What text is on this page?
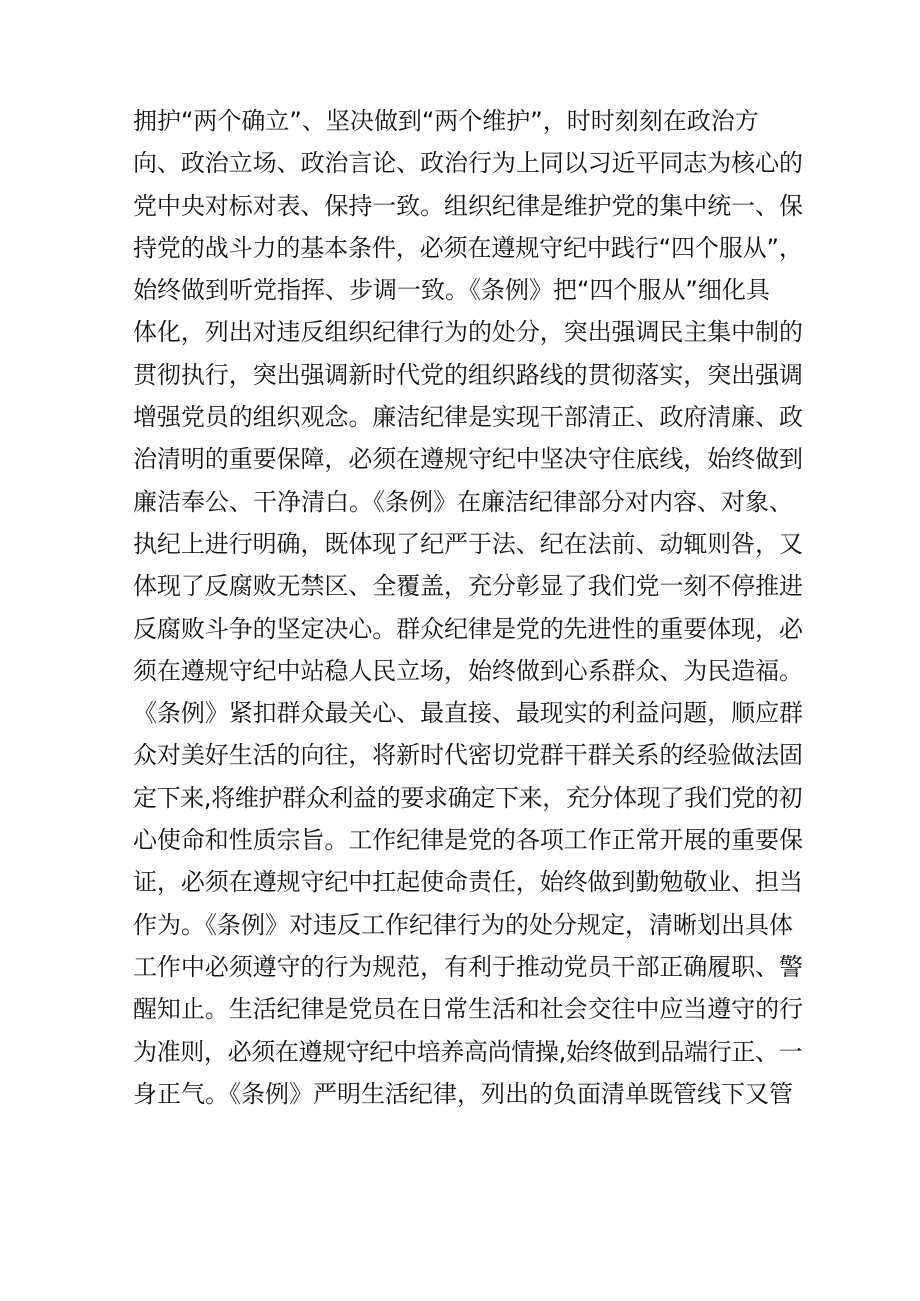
拥护“两个确立”、坚决做到“两个维护”，时时刻刻在政治方
向、政治立场、政治言论、政治行为上同以习近平同志为核心的
党中央对标对表、保持一致。组织纪律是维护党的集中统一、保
持党的战斗力的基本条件，必须在遵规守纪中践行“四个服从”，
始终做到听党指挥、步调一致。《条例》把“四个服从”细化具
体化，列出对违反组织纪律行为的处分，突出强调民主集中制的
贯彻执行，突出强调新时代党的组织路线的贯彻落实，突出强调
增强党员的组织观念。廉洁纪律是实现干部清正、政府清廉、政
治清明的重要保障，必须在遵规守纪中坚决守住底线，始终做到
廉洁奉公、干净清白。《条例》在廉洁纪律部分对内容、对象、
执纪上进行明确，既体现了纪严于法、纪在法前、动辄则咎，又
体现了反腐败无禁区、全覆盖，充分彰显了我们党一刻不停推进
反腐败斗争的坚定决心。群众纪律是党的先进性的重要体现，必
须在遵规守纪中站稳人民立场，始终做到心系群众、为民造福。
《条例》紧扣群众最关心、最直接、最现实的利益问题，顺应群
众对美好生活的向往，将新时代密切党群干群关系的经验做法固
定下来,将维护群众利益的要求确定下来，充分体现了我们党的初
心使命和性质宗旨。工作纪律是党的各项工作正常开展的重要保
证，必须在遵规守纪中扛起使命责任，始终做到勤勉敬业、担当
作为。《条例》对违反工作纪律行为的处分规定，清晰划出具体
工作中必须遵守的行为规范，有利于推动党员干部正确履职、警
醒知止。生活纪律是党员在日常生活和社会交往中应当遵守的行
为准则，必须在遵规守纪中培养高尚情操,始终做到品端行正、一
身正气。《条例》严明生活纪律，列出的负面清单既管线下又管
